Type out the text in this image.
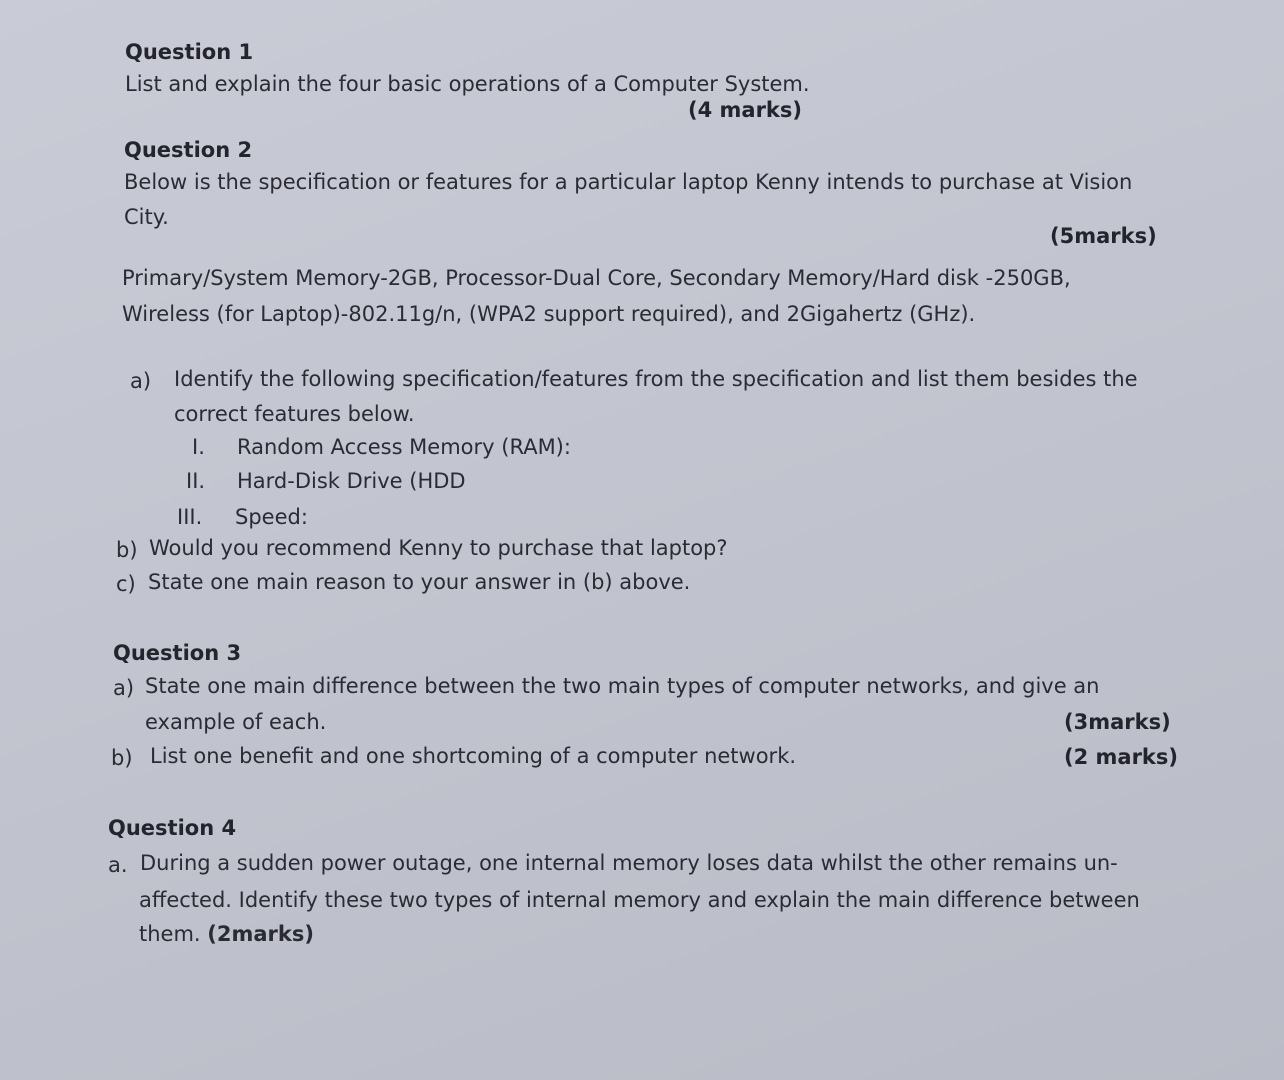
Question 1
List and explain the four basic operations of a Computer System.
(4 marks)
Question 2
Below is the specification or features for a particular laptop Kenny intends to purchase at Vision
City.
(5marks)
Primary/System Memory-2GB, Processor-Dual Core, Secondary Memory/Hard disk -250GB,
Wireless (for Laptop)-802.11g/n, (WPA2 support required), and 2Gigahertz (GHz).
a) Identify the following specification/features from the specification and list them besides the
correct features below.
I. Random Access Memory (RAM):
II. Hard-Disk Drive (HDD
III. Speed:
b) Would you recommend Kenny to purchase that laptop?
c) State one main reason to your answer in (b) above.
Question 3
a) State one main difference between the two main types of computer networks, and give an
example of each.	(3marks)
b) List one benefit and one shortcoming of a computer network.	(2 marks)
Question 4
a. During a sudden power outage, one internal memory loses data whilst the other remains un-
affected. Identify these two types of internal memory and explain the main difference between
them. (2marks)
